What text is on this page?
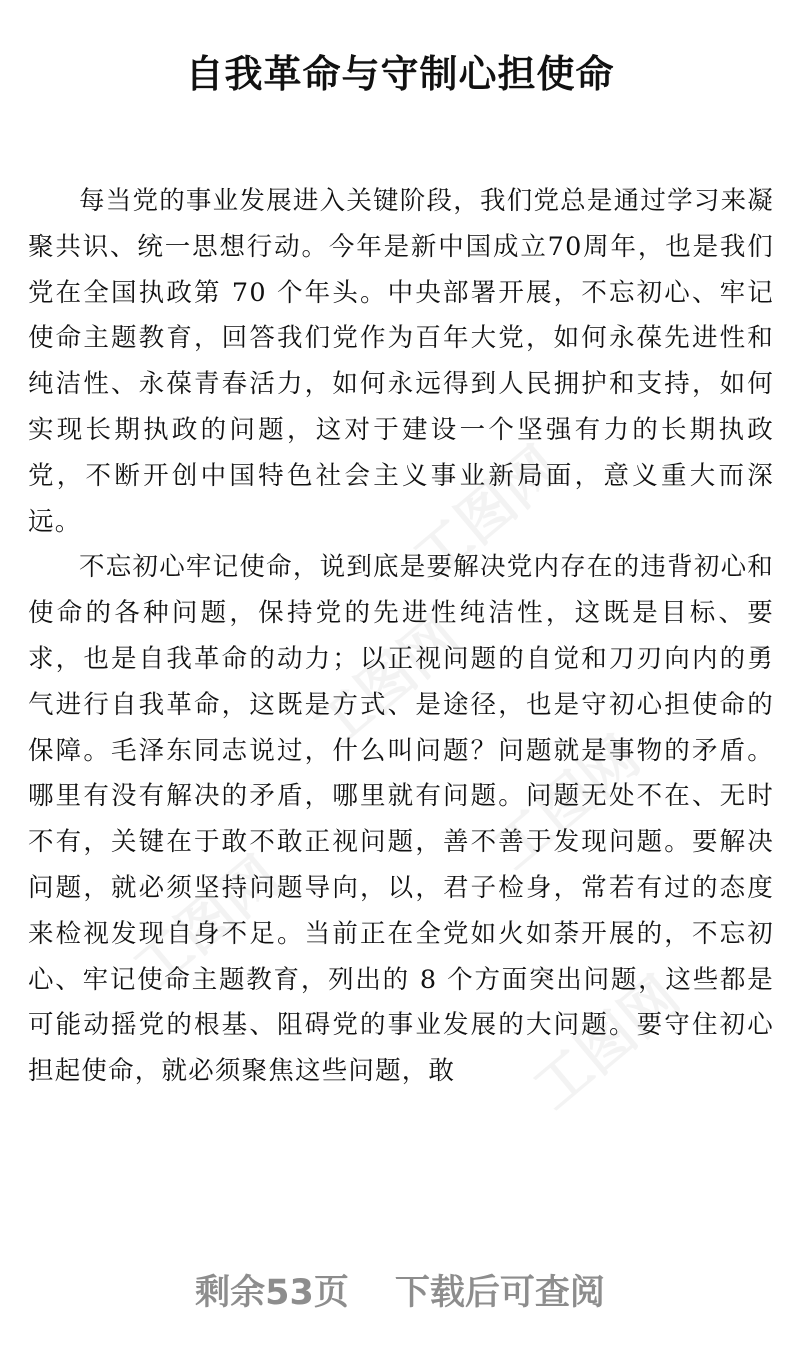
工图网
工图网
工图网
工图网
工图网
自我革命与守制心担使命

每当党的事业发展进入关键阶段，我们党总是通过学习来凝聚共识、统一思想行动。今年是新中国成立70周年，也是我们党在全国执政第 70 个年头。中央部署开展，不忘初心、牢记使命主题教育，回答我们党作为百年大党，如何永葆先进性和纯洁性、永葆青春活力，如何永远得到人民拥护和支持，如何实现长期执政的问题，这对于建设一个坚强有力的长期执政党，不断开创中国特色社会主义事业新局面，意义重大而深远。

不忘初心牢记使命，说到底是要解决党内存在的违背初心和使命的各种问题，保持党的先进性纯洁性，这既是目标、要求，也是自我革命的动力；以正视问题的自觉和刀刃向内的勇气进行自我革命，这既是方式、是途径，也是守初心担使命的保障。毛泽东同志说过，什么叫问题？问题就是事物的矛盾。哪里有没有解决的矛盾，哪里就有问题。问题无处不在、无时不有，关键在于敢不敢正视问题，善不善于发现问题。要解决问题，就必须坚持问题导向，以，君子检身，常若有过的态度来检视发现自身不足。当前正在全党如火如荼开展的，不忘初心、牢记使命主题教育，列出的 8 个方面突出问题，这些都是可能动摇党的根基、阻碍党的事业发展的大问题。要守住初心担起使命，就必须聚焦这些问题，敢

剩余53页 下载后可查阅
